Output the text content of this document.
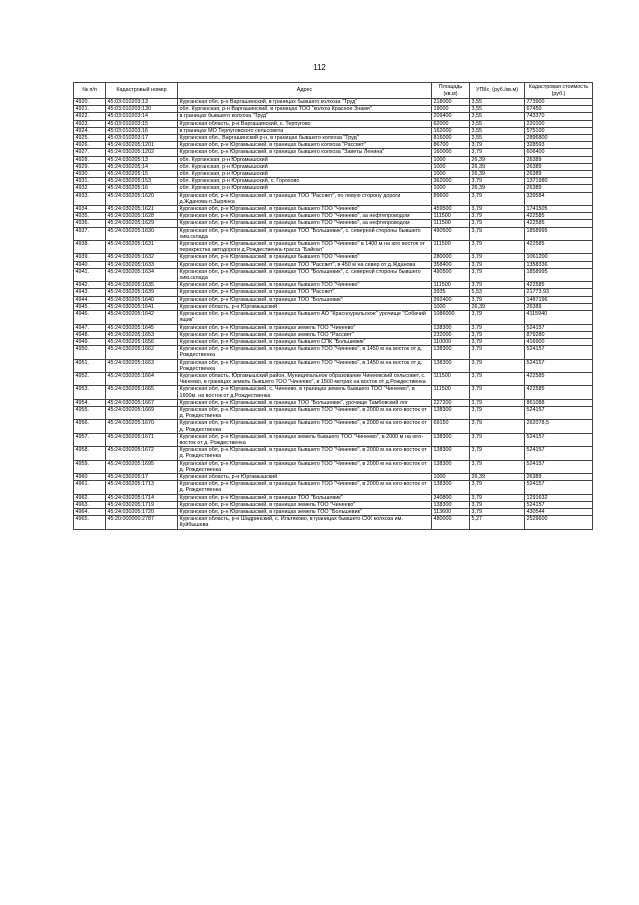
112
№ п/п	Кадастровый номер	Адрес	Площадь (кв.м)	УПКс. (руб./кв.м)	Кадастровая стоимость (руб.)
4920.	45:03:010203:13	Курганская обл, р-н Варгашинский, в границах бывшего колхоза "Труд"	218000	3,55	773900
4921.	45:03:010203:130	обл. Курганская, р-н Варгашинский, в границах ТОО "колхоз Красное Знамя"	19000	3,55	67450
4922.	45:03:010203:14	в границах бывшего колхоза "Труд"	209400	3,55	743370
4923.	45:03:010203:15	Курганская область, р-н Варгашинский, с. Терпугово	62000	3,55	220100
4924.	45:03:010203:16	в границах МО Терпуговского сельсовета	162000	3,55	575100
4925.	45:03:010203:17	Курганская обл., Варгашинский р-н, в границах бывшего колхоза "Труд"	816000	3,55	2896800
4926.	45:24:030205:1201	Курганская обл, р-н Юргамышский, в границах бывшего колхоза "Рассвет"	86700	3,79	328593
4927.	45:24:030205:1202	Курганская обл, р-н Юргамышский, в границах бывшего колхоза "Заветы Ленина"	160000	3,79	606400
4928.	45:24:030205:13	обл. Курганская, р-н Юргамышский	1000	26,39	26389
4929.	45:24:030205:14	обл. Курганская, р-н Юргамышский	1000	26,39	26389
4930.	45:24:030205:15	обл. Курганская, р-н Юргамышский	1000	26,39	26389
4931.	45:24:030205:153	обл. Курганская, р-н Юргамышский, с. Горохово	362000	3,79	1371980
4932	45:24:030205:16	обл. Курганская, р-н Юргамышский	1000	26,39	26389
4933.	45:24:030205:1620	Курганская обл, р-н Юргамышский, в границах ТОО "Рассвет", по левую сторону дороги д.Жданова-п.Зырянка	89600	3,79	339584
4934.	45:24:030205:1621	Курганская обл, р-н Юргамышский, в границах бывшего ТОО "Чинеево"	459500	3,79	1741505
4935.	45:24:030205:1628	Курганская обл, р-н Юргамышский, в границах бывшего ТОО "Чинеево", за нефтепроводом	111500	3,79	422585
4936.	45:24:030205:1629	Курганская обл, р-н Юргамышский, в границах бывшего ТОО "Чинеево", за нефтепроводом	111500	3,79	422585
4937.	45:24:030205:1630	Курганская обл, р-н Юргамышский, в границах ТОО "Большевик", с. северной стороны бывшего хим.склада	490500	3,79	1858995
4938.	45:24:030205:1631	Курганская обл, р-н Юргамышский, в границах бывшего ТОО "Чинеево" в 1400 м на юго восток от перекрестка автодороги д.Рождественка-трасса "Байкал"	111500	3,79	422585
4939.	45:24:030205:1632	Курганская обл, р-н Юргамышский, в границах бывшего ТОО "Чинеево"	280000	3,79	1061200
4940.	45:24:030205:1633	Курганская обл, р-н Юргамышский, в границах ТОО "Рассвет", в 450 м на север от д.Жданова	358400	3,79	1358336
4941.	45:24:030205:1634	Курганская обл, р-н Юргамышский, в границах ТОО "Большевик", с. северной стороны бывшего хим.склада	490500	3,79	1858995
4942.	45:24:030205:1635	Курганская обл, р-н Юргамышский, в границах бывшего ТОО "Чинеево"	111500	3,79	422585
4943.	45:24:030205:1639	Курганская обл, р-н Юргамышский, в границах ТОО "Рассвет"	3935	5,53	21773,93
4944.	45:24:030205:1640	Курганская обл, р-н Юргамышский, в границах ТОО "Большевик"	392400	3,79	1487196
4945.	45:24:030205:1641	Курганская область, р-н Юргамышский	1000	26,39	26389
4946.	45:24:030205:1642	Курганская обл, р-н Юргамышский, в границах бывшего АО "Красноуральское" урочище "Собачий ящик"	1086000	3,79	4115940
4947.	45:24:030205:1645	Курганская обл, р-н Юргамышский, в границах земель ТОО "Чинеево"	138300	3,79	524157
4948.	45:24:030205:1653	Курганская обл, р-н Юргамышский, в границах земель ТОО "Рассвет"	232000	3,79	879280
4949.	45:24:030205:1656	Курганская обл, р-н Юргамышский, в границах бывшего СПК "Большевик"	110000	3,79	416900
4950.	45:24:030205:1662	Курганская обл, р-н Юргамышский, в границах бывшего ТОО "Чинеево", в 1450 м на восток от д. Рождественка	138300	3,79	524157
4951.	45:24:030205:1663	Курганская обл, р-н Юргамышский, в границах бывшего ТОО "Чинеево", в 1450 м на восток от д. Рождественка	138300	3,79	524157
4952.	45:24:030205:1664	Курганская область, Юргамышский район, Муниципальное образование Чинеевский сельсовет, с. Чинеево, в границах земель бывшего ТОО "Чинеево", в 1500 метрах на восток от д.Рождественка	111500	3,79	422585
4953.	45:24:030205:1665	Курганская обл, р-н Юргамышский, с. Чинеево, в границах земель бывшего ТОО "Чинеево", в 1600м. на восток от д.Рождественка	111500	3,79	422585
4954.	45:24:030205:1667	Курганская обл, р-н Юргамышский, в границах ТОО "Большевик", урочище Тамбовский лог	227200	3,79	861088
4955.	45:24:030205:1669	Курганская обл, р-н Юргамышский, в границах бывшего ТОО "Чинеево", в 2000 м на юго-восток от д. Рождественка	138300	3,79	524157
4956.	45:24:030205:1670	Курганская обл, р-н Юргамышский, в границах бывшего ТОО "Чинеево", в 2000 м на юго-восток от д. Рождественка	69150	3,79	262078,5
4957.	45:24:030205:1671	Курганская обл, р-н Юргамышский, в границах земель бывшего ТОО "Чинеево", в 2000 м на юго-восток от д. Рождественка	138300	3,79	524157
4958.	45:24:030205:1672	Курганская обл, р-н Юргамышский, в границах бывшего ТОО "Чинеево", в 2000 м на юго-восток от д. Рождественка	138300	3,79	524157
4959.	45:24:030205:1695	Курганская обл, р-н Юргамышский, в границах бывшего ТОО "Чинеево", в 2000 м на юго-восток от д. Рождественка	138300	3,79	524157
4960	45:24:030205:17	Курганская область, р-н Юргамышский	1000	26,39	26389
4961.	45:24:030205:1713	Курганская обл, р-н Юргамышский, в границах бывшего ТОО "Чинеево", в 2000 м на юго-восток от д. Рождественка	138300	3,79	524157
4962.	45:24:030205:1714	Курганская обл, р-н Юргамышский, в границах ТОО "Большевик"	340800	3,79	1291632
4963.	45:24:030205:1719	Курганская обл, р-н Юргамышский, в границах земель ТОО "Чинеево"	138300	3,79	524157
4964.	45:24:030205:1720	Курганская обл, р-н Юргамышский, в границах земель ТОО "Большевик"	113600	3,79	430544
4965.	45:20:000000:2787	Курганская область, р-н Шадринский, с. Ильтяково, в границах бывшего СХК колхоза им. Куйбышева	480000	5,27	2529600
